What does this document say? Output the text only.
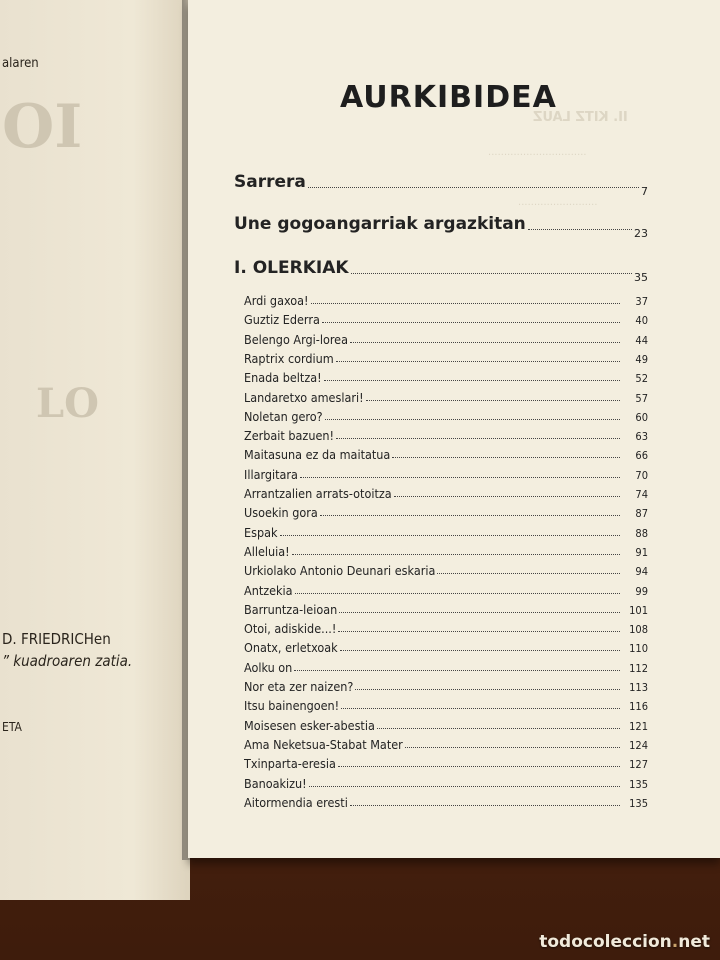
alaren
OI
LO
D. FRIEDRICHen
” kuadroaren zatia.
ETA
II. KITZ LAUZ
·······························
·························
AURKIBIDEA
Sarrera	7
Une gogoangarriak argazkitan	23
I. OLERKIAK	35
Ardi gaxoa!	37
Guztiz Ederra	40
Belengo Argi-lorea	44
Raptrix cordium	49
Enada beltza!	52
Landaretxo ameslari!	57
Noletan gero?	60
Zerbait bazuen!	63
Maitasuna ez da maitatua	66
Illargitara	70
Arrantzalien arrats-otoitza	74
Usoekin gora	87
Espak	88
Alleluia!	91
Urkiolako Antonio Deunari eskaria	94
Antzekia	99
Barruntza-leioan	101
Otoi, adiskide...!	108
Onatx, erletxoak	110
Aolku on	112
Nor eta zer naizen?	113
Itsu bainengoen!	116
Moisesen esker-abestia	121
Ama Neketsua-Stabat Mater	124
Txinparta-eresia	127
Banoakizu!	135
Aitormendia eresti	135
todocoleccion.net
